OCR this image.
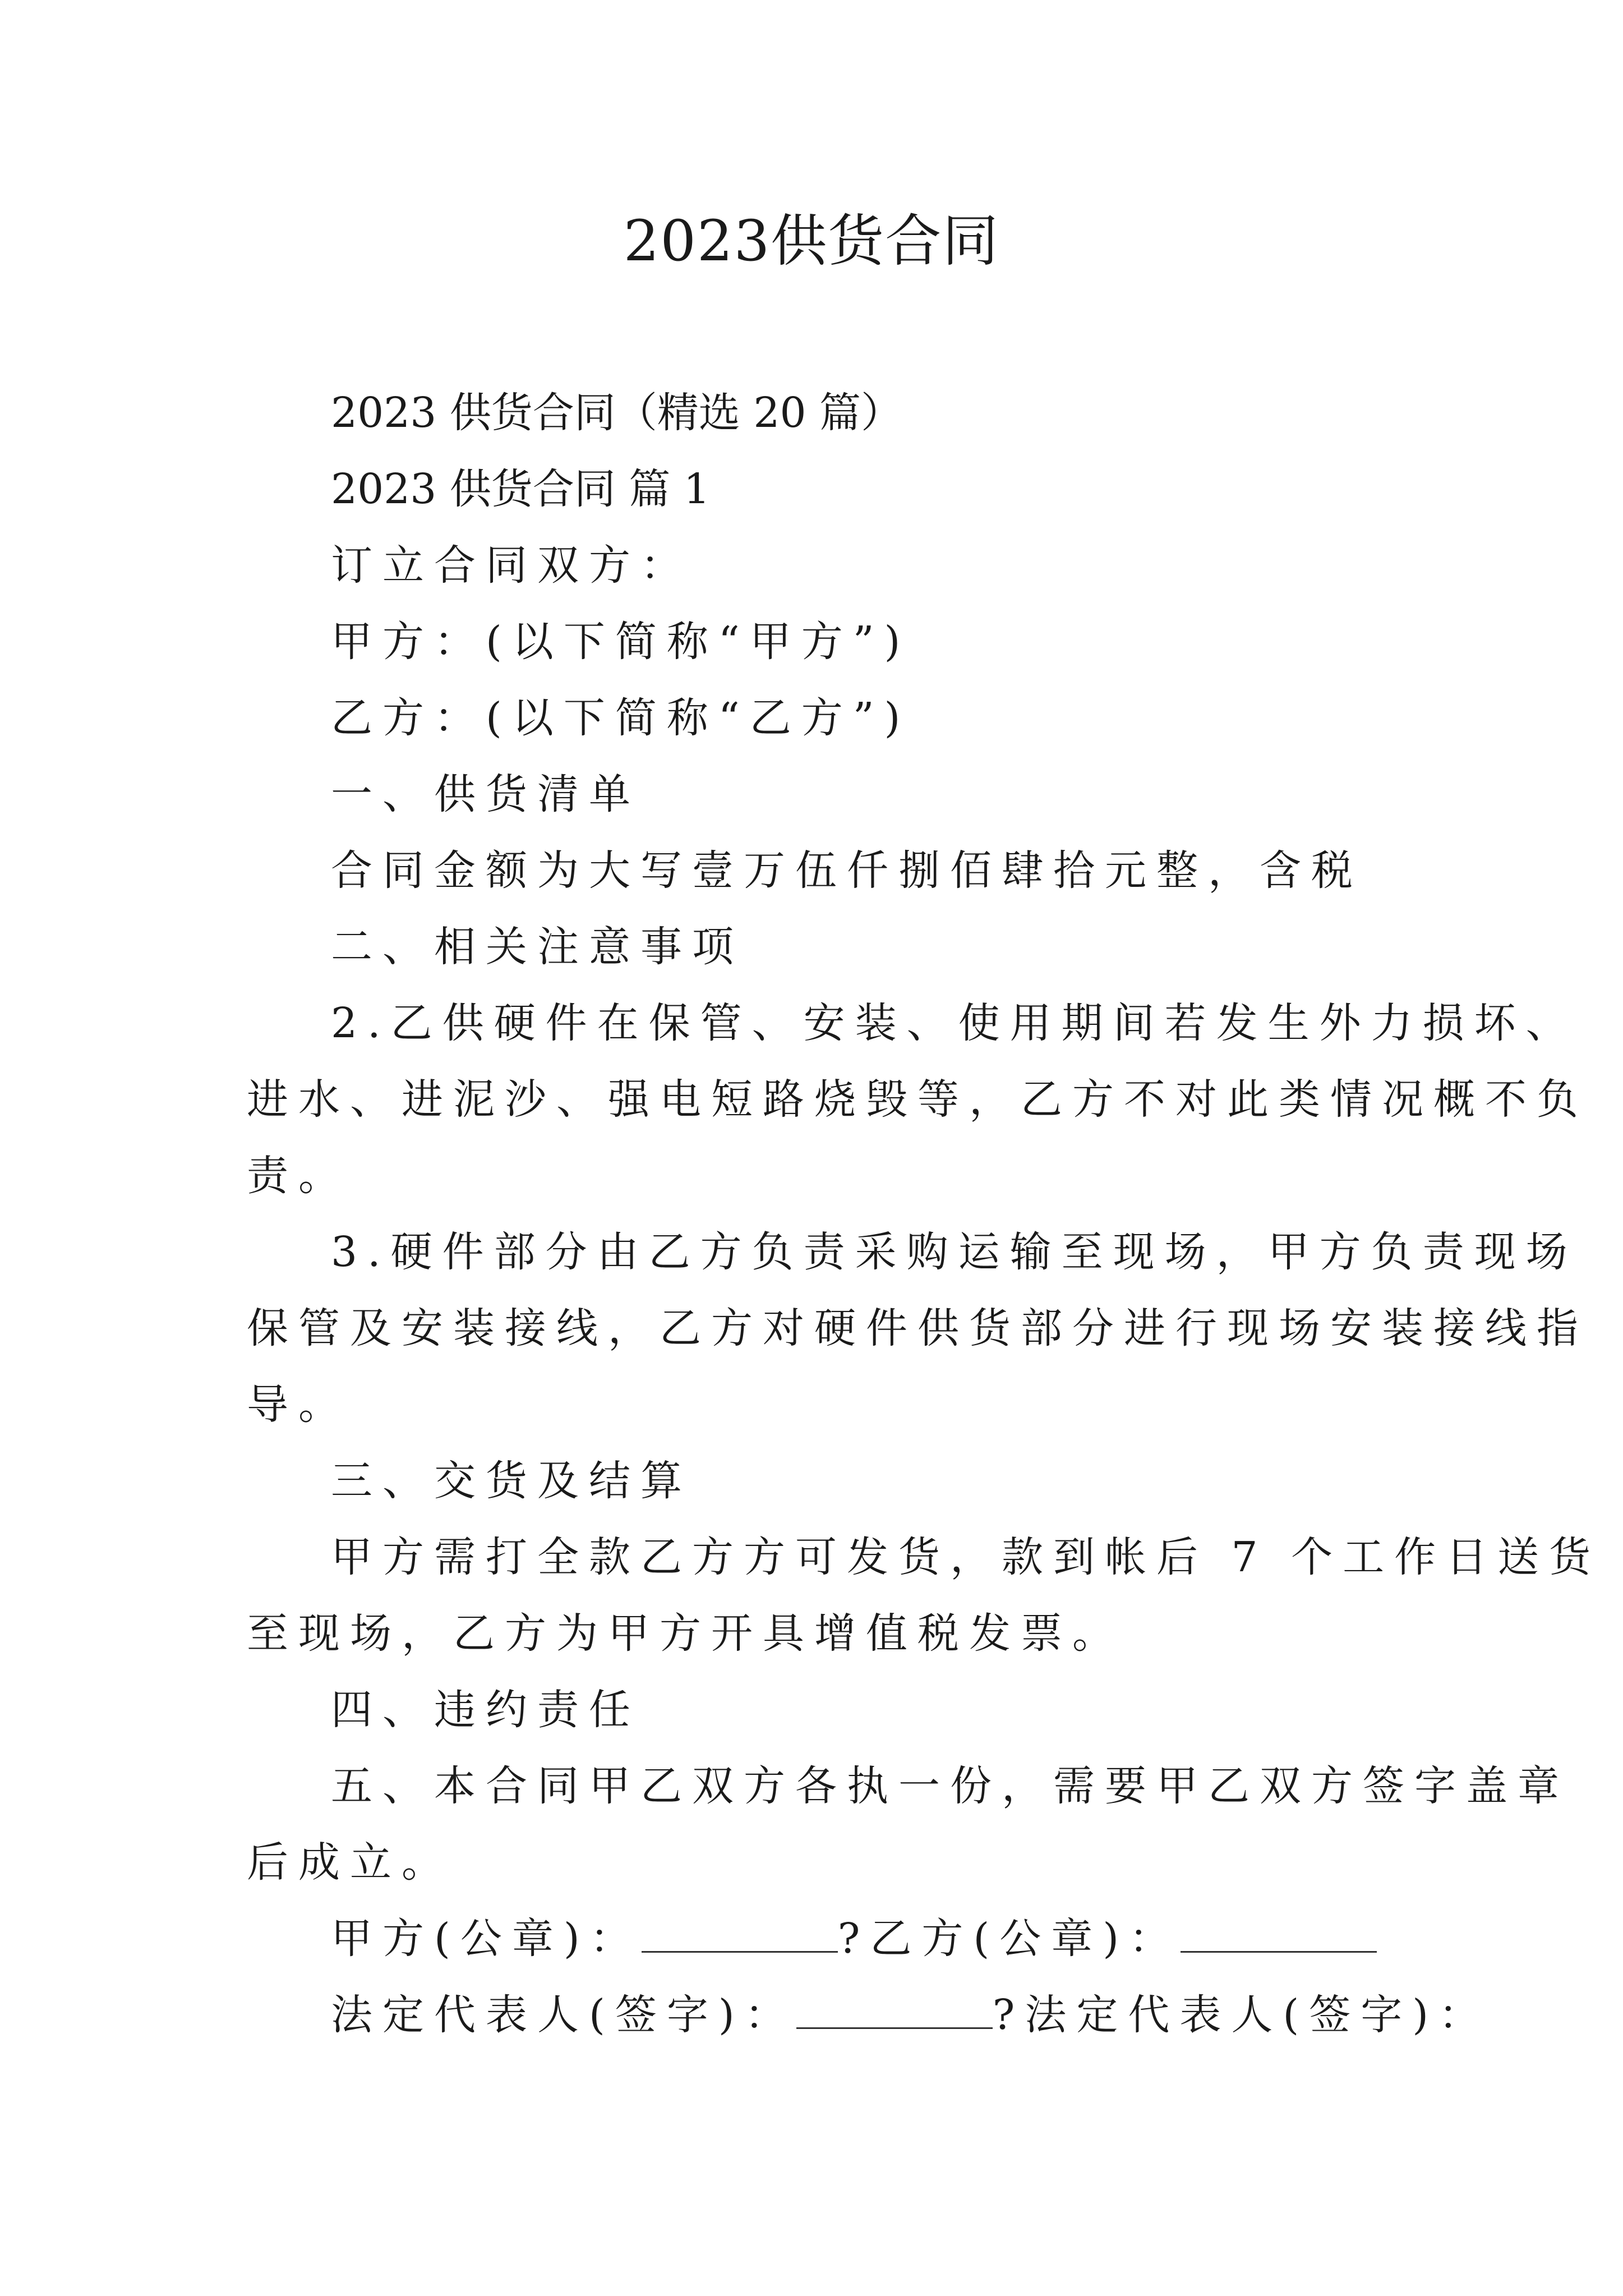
2023供货合同

2023 供货合同（精选 20 篇）

2023 供货合同 篇 1

订立合同双方：

甲方：(以下简称“甲方”)

乙方：(以下简称“乙方”)

一、供货清单

合同金额为大写壹万伍仟捌佰肆拾元整，含税

二、相关注意事项

2.乙供硬件在保管、安装、使用期间若发生外力损坏、

进水、进泥沙、强电短路烧毁等，乙方不对此类情况概不负

责。

3.硬件部分由乙方负责采购运输至现场，甲方负责现场

保管及安装接线，乙方对硬件供货部分进行现场安装接线指

导。

三、交货及结算

甲方需打全款乙方方可发货，款到帐后 7 个工作日送货

至现场，乙方为甲方开具增值税发票。

四、违约责任

五、本合同甲乙双方各执一份，需要甲乙双方签字盖章

后成立。

甲方(公章)：	?乙方(公章)：

法定代表人(签字)：	?法定代表人(签字)：
